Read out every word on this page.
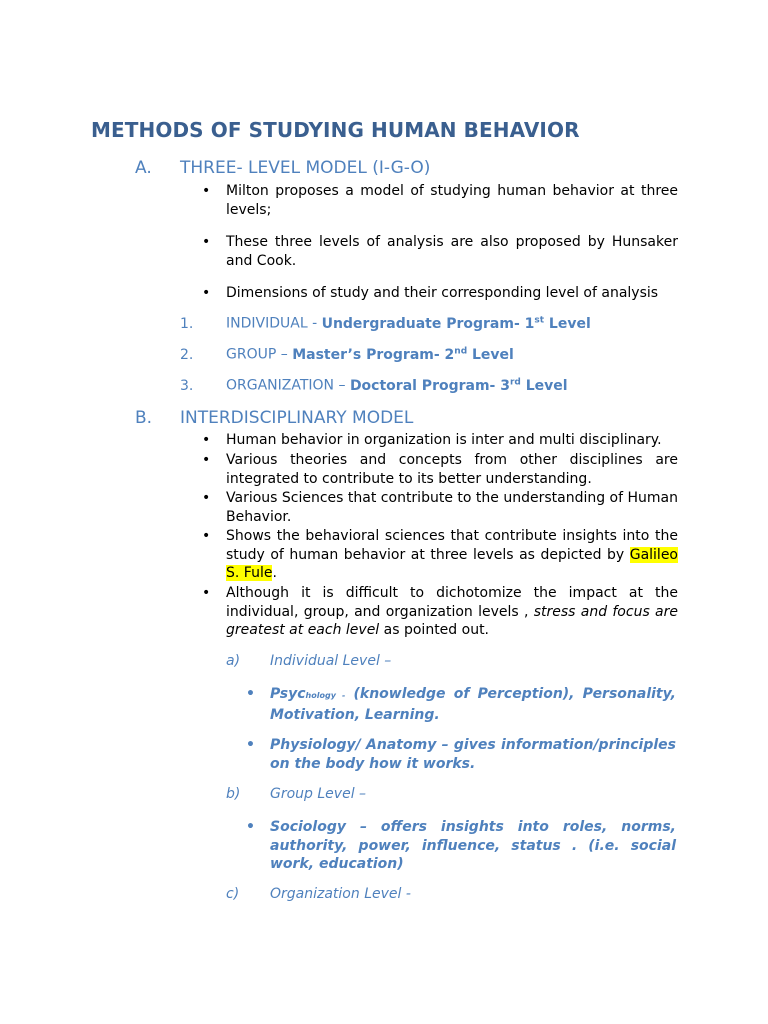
METHODS OF STUDYING HUMAN BEHAVIOR
A. THREE- LEVEL MODEL (I-G-O)
• Milton proposes a model of studying human behavior at three levels;
• These three levels of analysis are also proposed by Hunsaker and Cook.
• Dimensions of study and their corresponding level of analysis
1. INDIVIDUAL - Undergraduate Program- 1st Level
2. GROUP – Master’s Program- 2nd Level
3. ORGANIZATION – Doctoral Program- 3rd Level
B. INTERDISCIPLINARY MODEL
• Human behavior in organization is inter and multi disciplinary.
• Various theories and concepts from other disciplines are integrated to contribute to its better understanding.
• Various Sciences that contribute to the understanding of Human Behavior.
• Shows the behavioral sciences that contribute insights into the study of human behavior at three levels as depicted by Galileo S. Fule.
• Although it is difficult to dichotomize the impact at the individual, group, and organization levels , stress and focus are greatest at each level as pointed out.
a) Individual Level –
• Psychology - (knowledge of Perception), Personality, Motivation, Learning.
• Physiology/ Anatomy – gives information/principles on the body how it works.
b) Group Level –
• Sociology – offers insights into roles, norms, authority, power, influence, status . (i.e. social work, education)
c) Organization Level -
